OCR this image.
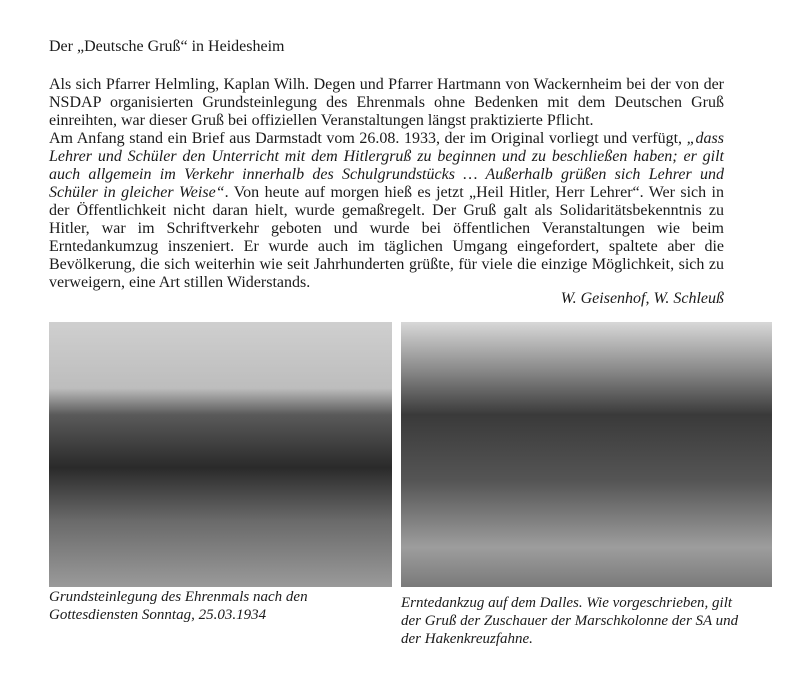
Der „Deutsche Gruß“ in Heidesheim
Als sich Pfarrer Helmling, Kaplan Wilh. Degen und Pfarrer Hartmann von Wackernheim bei der von der
NSDAP organisierten Grundsteinlegung des Ehrenmals ohne Bedenken mit dem Deutschen Gruß
einreihten, war dieser Gruß bei offiziellen Veranstaltungen längst praktizierte Pflicht.
Am Anfang stand ein Brief aus Darmstadt vom 26.08. 1933, der im Original vorliegt und verfügt, „dass
Lehrer und Schüler den Unterricht mit dem Hitlergruß zu beginnen und zu beschließen haben; er gilt
auch allgemein im Verkehr innerhalb des Schulgrundstücks … Außerhalb grüßen sich Lehrer und
Schüler in gleicher Weise“. Von heute auf morgen hieß es jetzt „Heil Hitler, Herr Lehrer“. Wer sich in
der Öffentlichkeit nicht daran hielt, wurde gemaßregelt. Der Gruß galt als Solidaritätsbekenntnis zu
Hitler, war im Schriftverkehr geboten und wurde bei öffentlichen Veranstaltungen wie beim
Erntedankumzug inszeniert. Er wurde auch im täglichen Umgang eingefordert, spaltete aber die
Bevölkerung, die sich weiterhin wie seit Jahrhunderten grüßte, für viele die einzige Möglichkeit, sich zu
verweigern, eine Art stillen Widerstands.
W. Geisenhof, W. Schleuß
Grundsteinlegung des Ehrenmals nach den
Gottesdiensten Sonntag, 25.03.1934
Erntedankzug auf dem Dalles. Wie vorgeschrieben, gilt
der Gruß der Zuschauer der Marschkolonne der SA und
der Hakenkreuzfahne.
